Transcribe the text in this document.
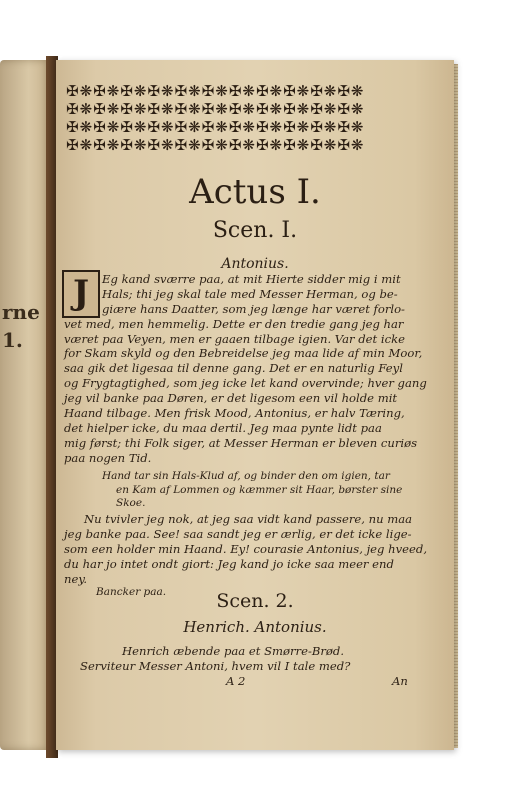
rne
1.
✠❋✠❋✠❋✠❋✠❋✠❋✠❋✠❋✠❋✠❋✠❋
✠❋✠❋✠❋✠❋✠❋✠❋✠❋✠❋✠❋✠❋✠❋
✠❋✠❋✠❋✠❋✠❋✠❋✠❋✠❋✠❋✠❋✠❋
✠❋✠❋✠❋✠❋✠❋✠❋✠❋✠❋✠❋✠❋✠❋
Actus I.
Scen. I.
Antonius.
J	Eg kand sværre paa, at mit Hierte sidder mig i mit
Hals; thi jeg skal tale med Messer Herman, og be-
giære hans Daatter, som jeg længe har været forlo-
vet med, men hemmelig. Dette er den tredie gang jeg har
været paa Veyen, men er gaaen tilbage igien. Var det icke
for Skam skyld og den Bebreidelse jeg maa lide af min Moor,
saa gik det ligesaa til denne gang. Det er en naturlig Feyl
og Frygtagtighed, som jeg icke let kand overvinde; hver gang
jeg vil banke paa Døren, er det ligesom een vil holde mit
Haand tilbage. Men frisk Mood, Antonius, er halv Tæring,
det hielper icke, du maa dertil. Jeg maa pynte lidt paa
mig først; thi Folk siger, at Messer Herman er bleven curiøs
paa nogen Tid.
Hand tar sin Hals-Klud af, og binder den om igien, tar
en Kam af Lommen og kæmmer sit Haar, børster sine
Skoe.
Nu tvivler jeg nok, at jeg saa vidt kand passere, nu maa
jeg banke paa. See! saa sandt jeg er ærlig, er det icke lige-
som een holder min Haand. Ey! courasie Antonius, jeg hveed,
du har jo intet ondt giort: Jeg kand jo icke saa meer end
ney.
Bancker paa.	Scen. 2.
Henrich. Antonius.
Henrich æbende paa et Smørre-Brød.
Serviteur Messer Antoni, hvem vil I tale med?
A 2	An
